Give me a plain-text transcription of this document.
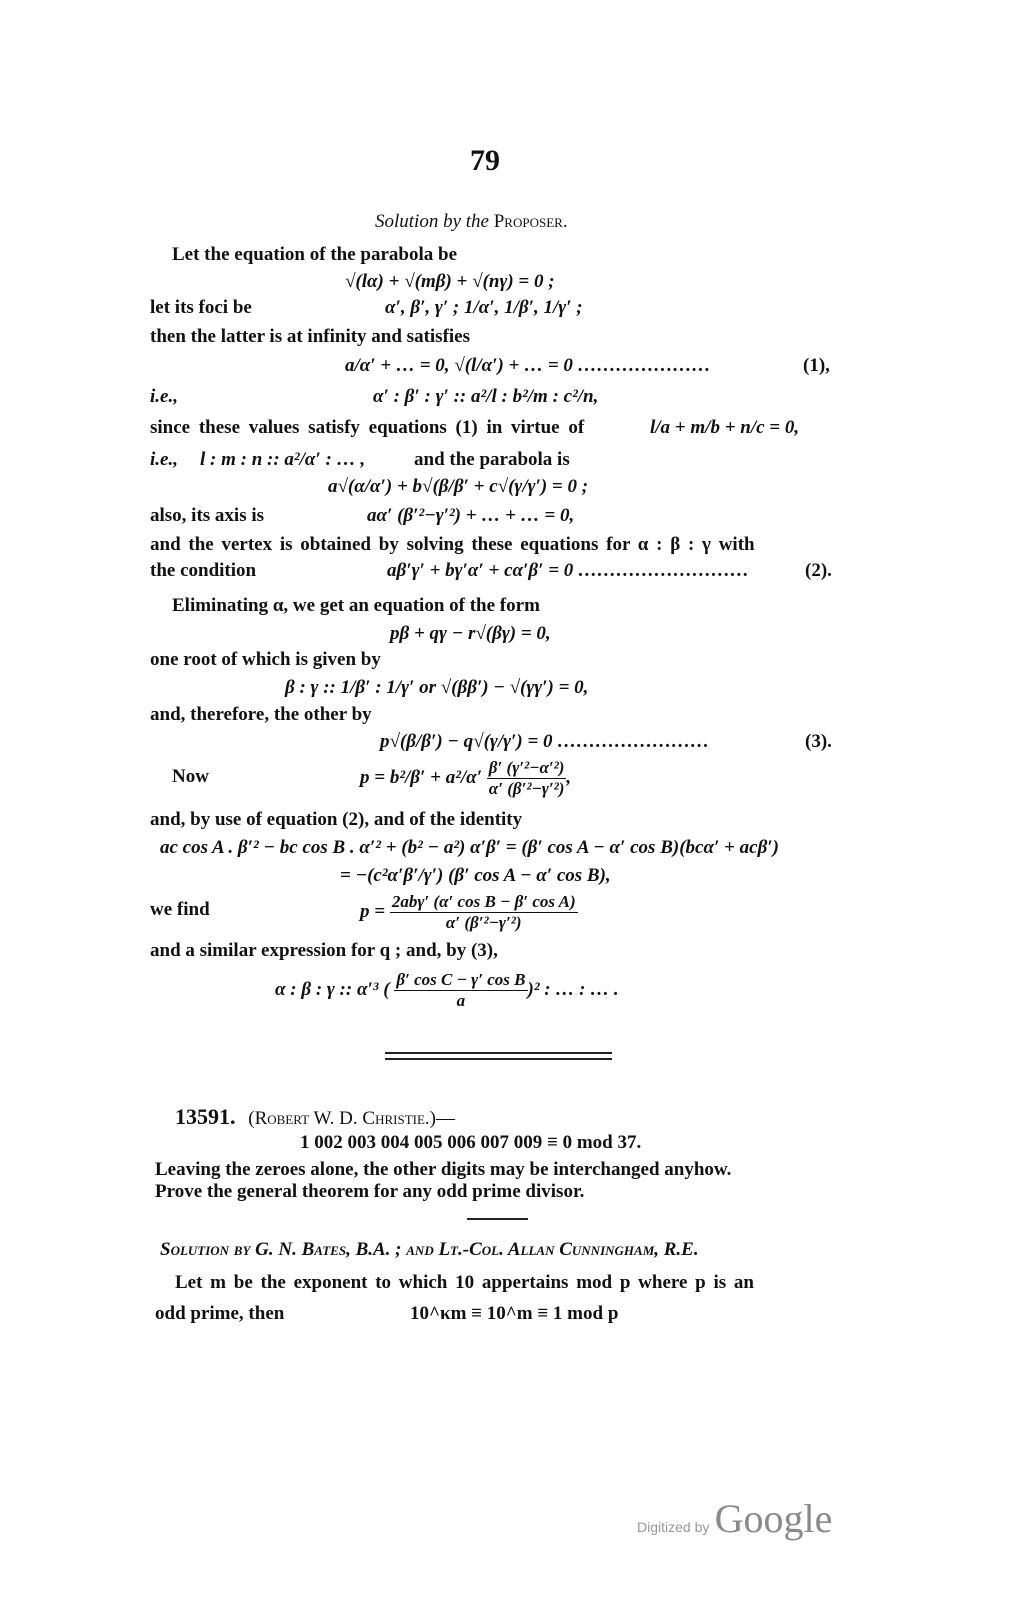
79
Solution by the Proposer.
Let the equation of the parabola be
√(lα) + √(mβ) + √(nγ) = 0 ;
let its foci be	α′, β′, γ′ ; 1/α′, 1/β′, 1/γ′ ;
then the latter is at infinity and satisfies
a/α′ + … = 0, √(l/α′) + … = 0 …………………	(1),
i.e.,	α′ : β′ : γ′ :: a²/l : b²/m : c²/n,
since these values satisfy equations (1) in virtue of	l/a + m/b + n/c = 0,
i.e., l : m : n :: a²/α′ : … ,	and the parabola is
a√(α/α′) + b√(β/β′ + c√(γ/γ′) = 0 ;
also, its axis is	aα′ (β′²−γ′²) + … + … = 0,
and the vertex is obtained by solving these equations for α : β : γ with
the condition	aβ′γ′ + bγ′α′ + cα′β′ = 0 ………………………	(2).
Eliminating α, we get an equation of the form
pβ + qγ − r√(βγ) = 0,
one root of which is given by
β : γ :: 1/β′ : 1/γ′ or √(ββ′) − √(γγ′) = 0,
and, therefore, the other by
p√(β/β′) − q√(γ/γ′) = 0 ……………………	(3).
Now	$p = b^2/\beta' + a^2/\alpha' \frac{\text{β′ (γ′²−α′²)}}{\text{α′ (β′²−γ′²)}}$ ,
and, by use of equation (2), and of the identity
ac cos A . β′² − bc cos B . α′² + (b² − a²) α′β′ = (β′ cos A − α′ cos B)(bcα′ + acβ′)
= −(c²α′β′/γ′) (β′ cos A − α′ cos B),
we find	$p = \frac{\text{2abγ′ (α′ cos B − β′ cos A)}}{\text{α′ (β′²−γ′²)}}$
and a similar expression for q ; and, by (3),
α : β : γ :: α′³ ( $\frac{\text{β′ cos C − γ′ cos B}}{a} )^2$ : … : … .
13591. (Robert W. D. Christie.)—
1 002 003 004 005 006 007 009 ≡ 0 mod 37.
Leaving the zeroes alone, the other digits may be interchanged anyhow.
Prove the general theorem for any odd prime divisor.
Solution by G. N. Bates, B.A. ; and Lt.-Col. Allan Cunningham, R.E.
Let m be the exponent to which 10 appertains mod p where p is an
odd prime, then	10^κm ≡ 10^m ≡ 1 mod p
Digitized by Google
